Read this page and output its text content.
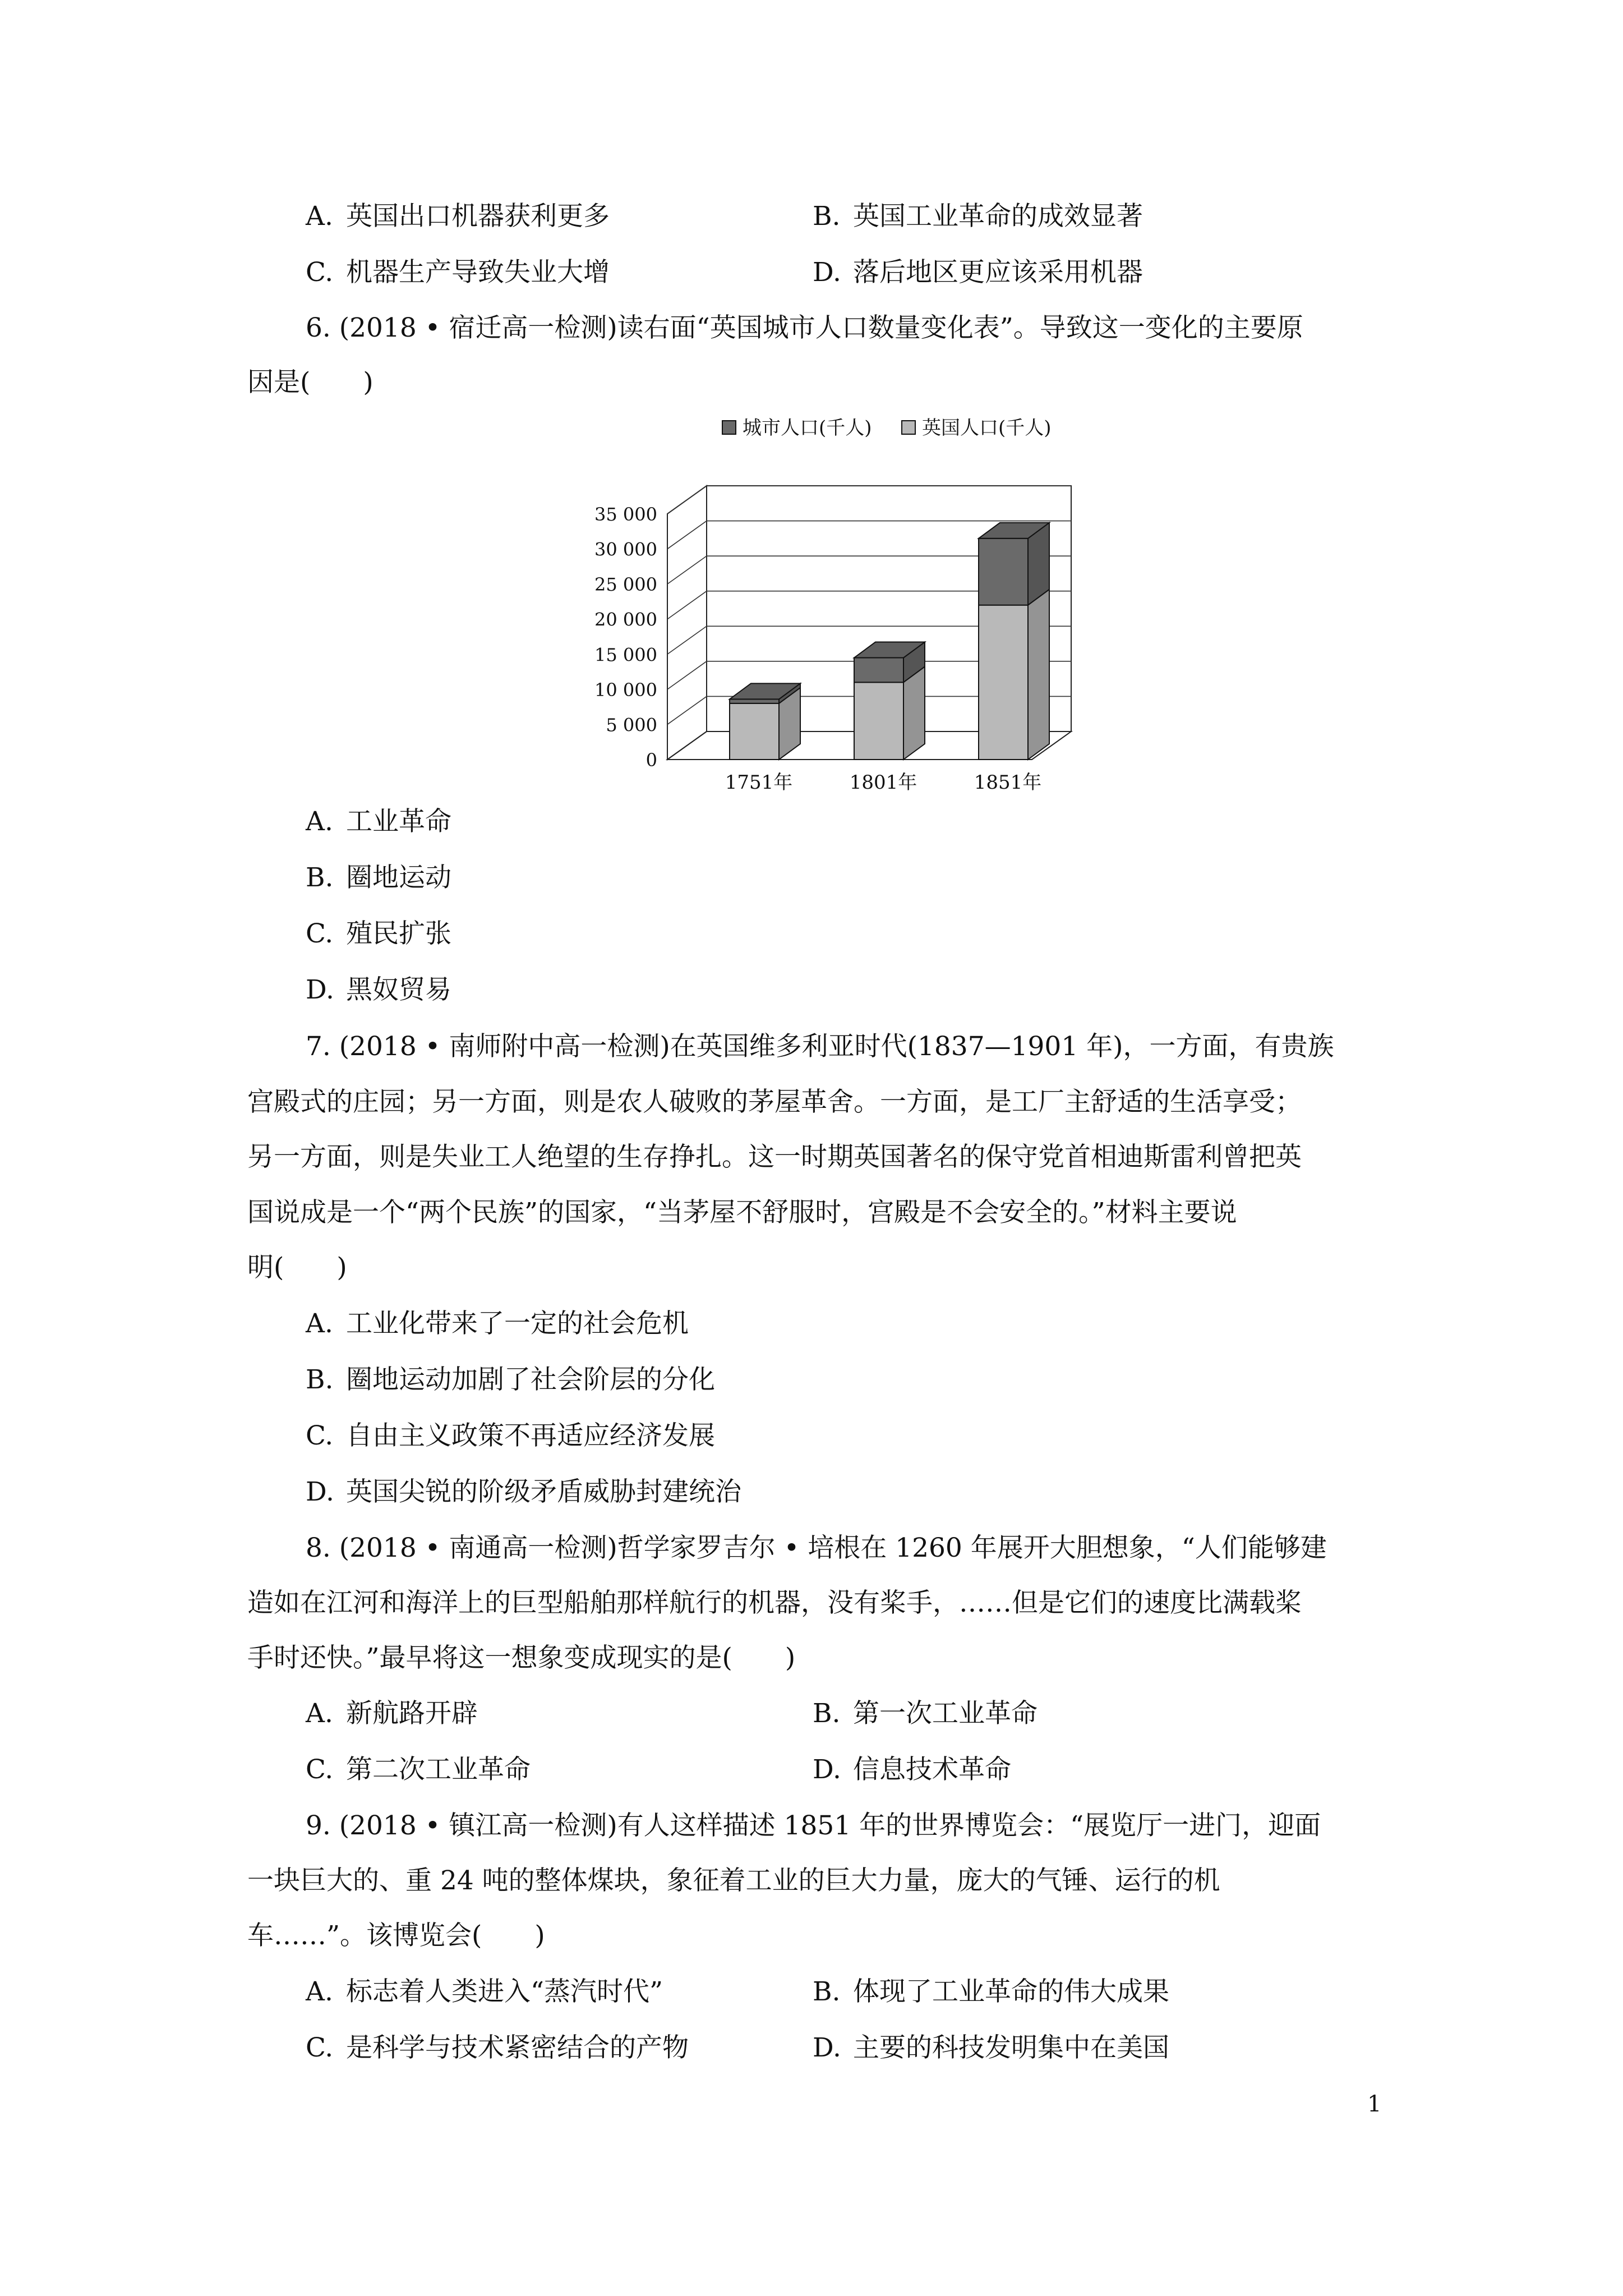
A. 英国出口机器获利更多	B. 英国工业革命的成效显著
C. 机器生产导致失业大增	D. 落后地区更应该采用机器
6. (2018 • 宿迁高一检测)读右面“英国城市人口数量变化表”。导致这一变化的主要原
因是(　　)
0
5 000
10 000
15 000
20 000
25 000
30 000
35 000
1751年	1801年	1851年
城市人口(千人)	英国人口(千人)
A. 工业革命
B. 圈地运动
C. 殖民扩张
D. 黑奴贸易
7. (2018 • 南师附中高一检测)在英国维多利亚时代(1837—1901 年)，一方面，有贵族
宫殿式的庄园；另一方面，则是农人破败的茅屋革舍。一方面，是工厂主舒适的生活享受；
另一方面，则是失业工人绝望的生存挣扎。这一时期英国著名的保守党首相迪斯雷利曾把英
国说成是一个“两个民族”的国家，“当茅屋不舒服时，宫殿是不会安全的。”材料主要说
明(　　)
A. 工业化带来了一定的社会危机
B. 圈地运动加剧了社会阶层的分化
C. 自由主义政策不再适应经济发展
D. 英国尖锐的阶级矛盾威胁封建统治
8. (2018 • 南通高一检测)哲学家罗吉尔 • 培根在 1260 年展开大胆想象，“人们能够建
造如在江河和海洋上的巨型船舶那样航行的机器，没有桨手，……但是它们的速度比满载桨
手时还快。”最早将这一想象变成现实的是(　　)
A. 新航路开辟	B. 第一次工业革命
C. 第二次工业革命	D. 信息技术革命
9. (2018 • 镇江高一检测)有人这样描述 1851 年的世界博览会：“展览厅一进门，迎面
一块巨大的、重 24 吨的整体煤块，象征着工业的巨大力量，庞大的气锤、运行的机
车……”。该博览会(　　)
A. 标志着人类进入“蒸汽时代”	B. 体现了工业革命的伟大成果
C. 是科学与技术紧密结合的产物	D. 主要的科技发明集中在美国
1
